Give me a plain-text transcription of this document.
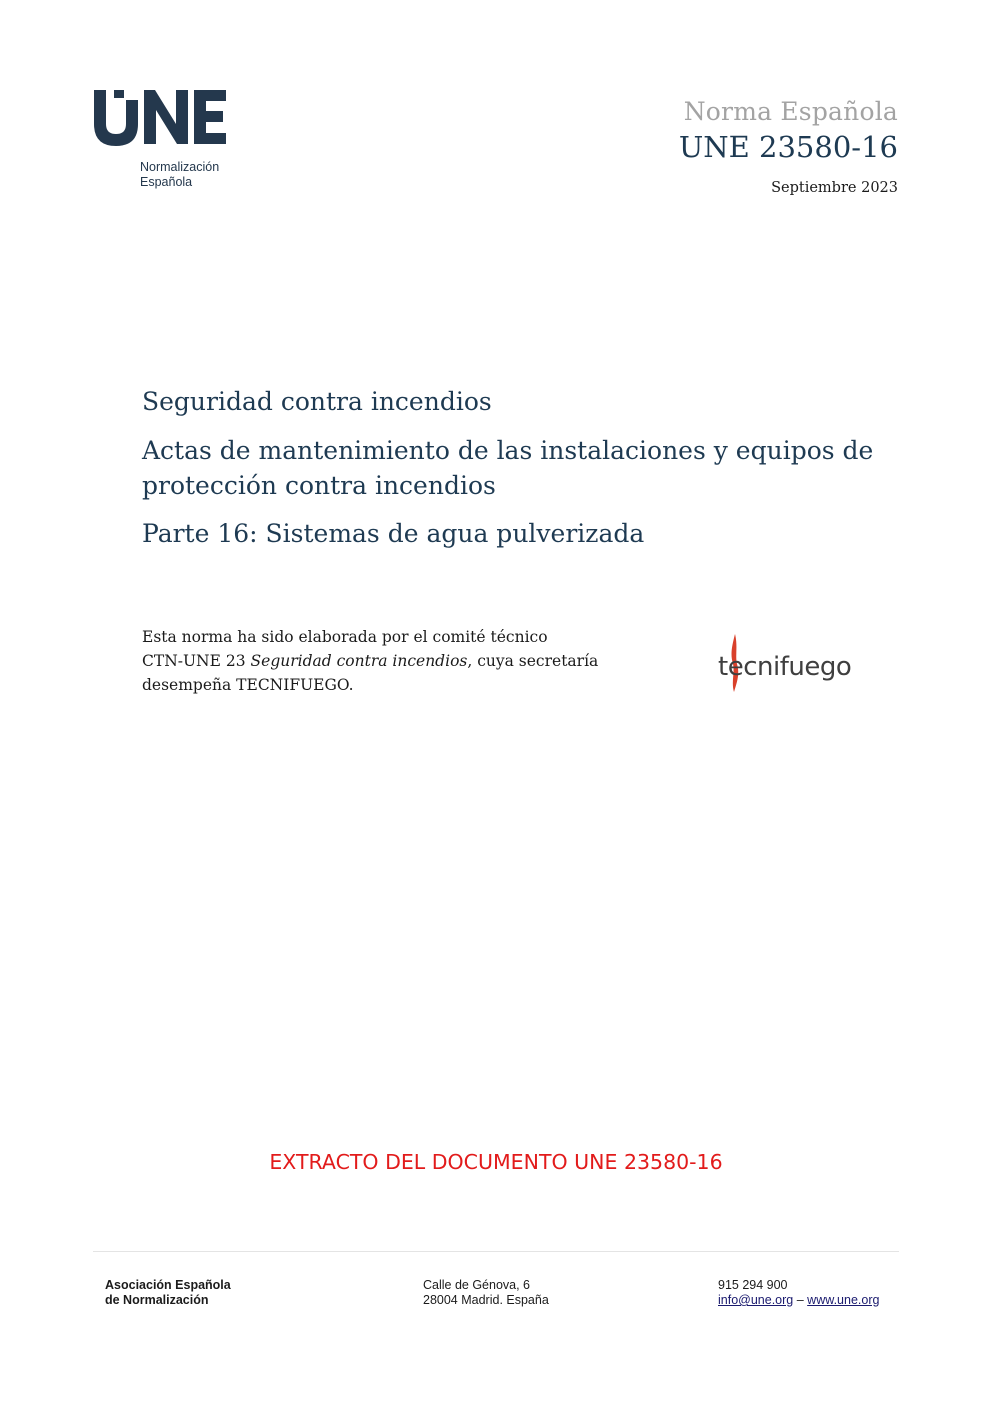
Normalización
Española
Norma Española
UNE 23580-16
Septiembre 2023

Seguridad contra incendios

Actas de mantenimiento de las instalaciones y equipos de protección contra incendios

Parte 16: Sistemas de agua pulverizada

Esta norma ha sido elaborada por el comité técnico
CTN-UNE 23 Seguridad contra incendios, cuya secretaría
desempeña TECNIFUEGO.
tecnifuego
EXTRACTO DEL DOCUMENTO UNE 23580-16
Asociación Española
de Normalización
Calle de Génova, 6
28004 Madrid. España
915 294 900
info@une.org – www.une.org
